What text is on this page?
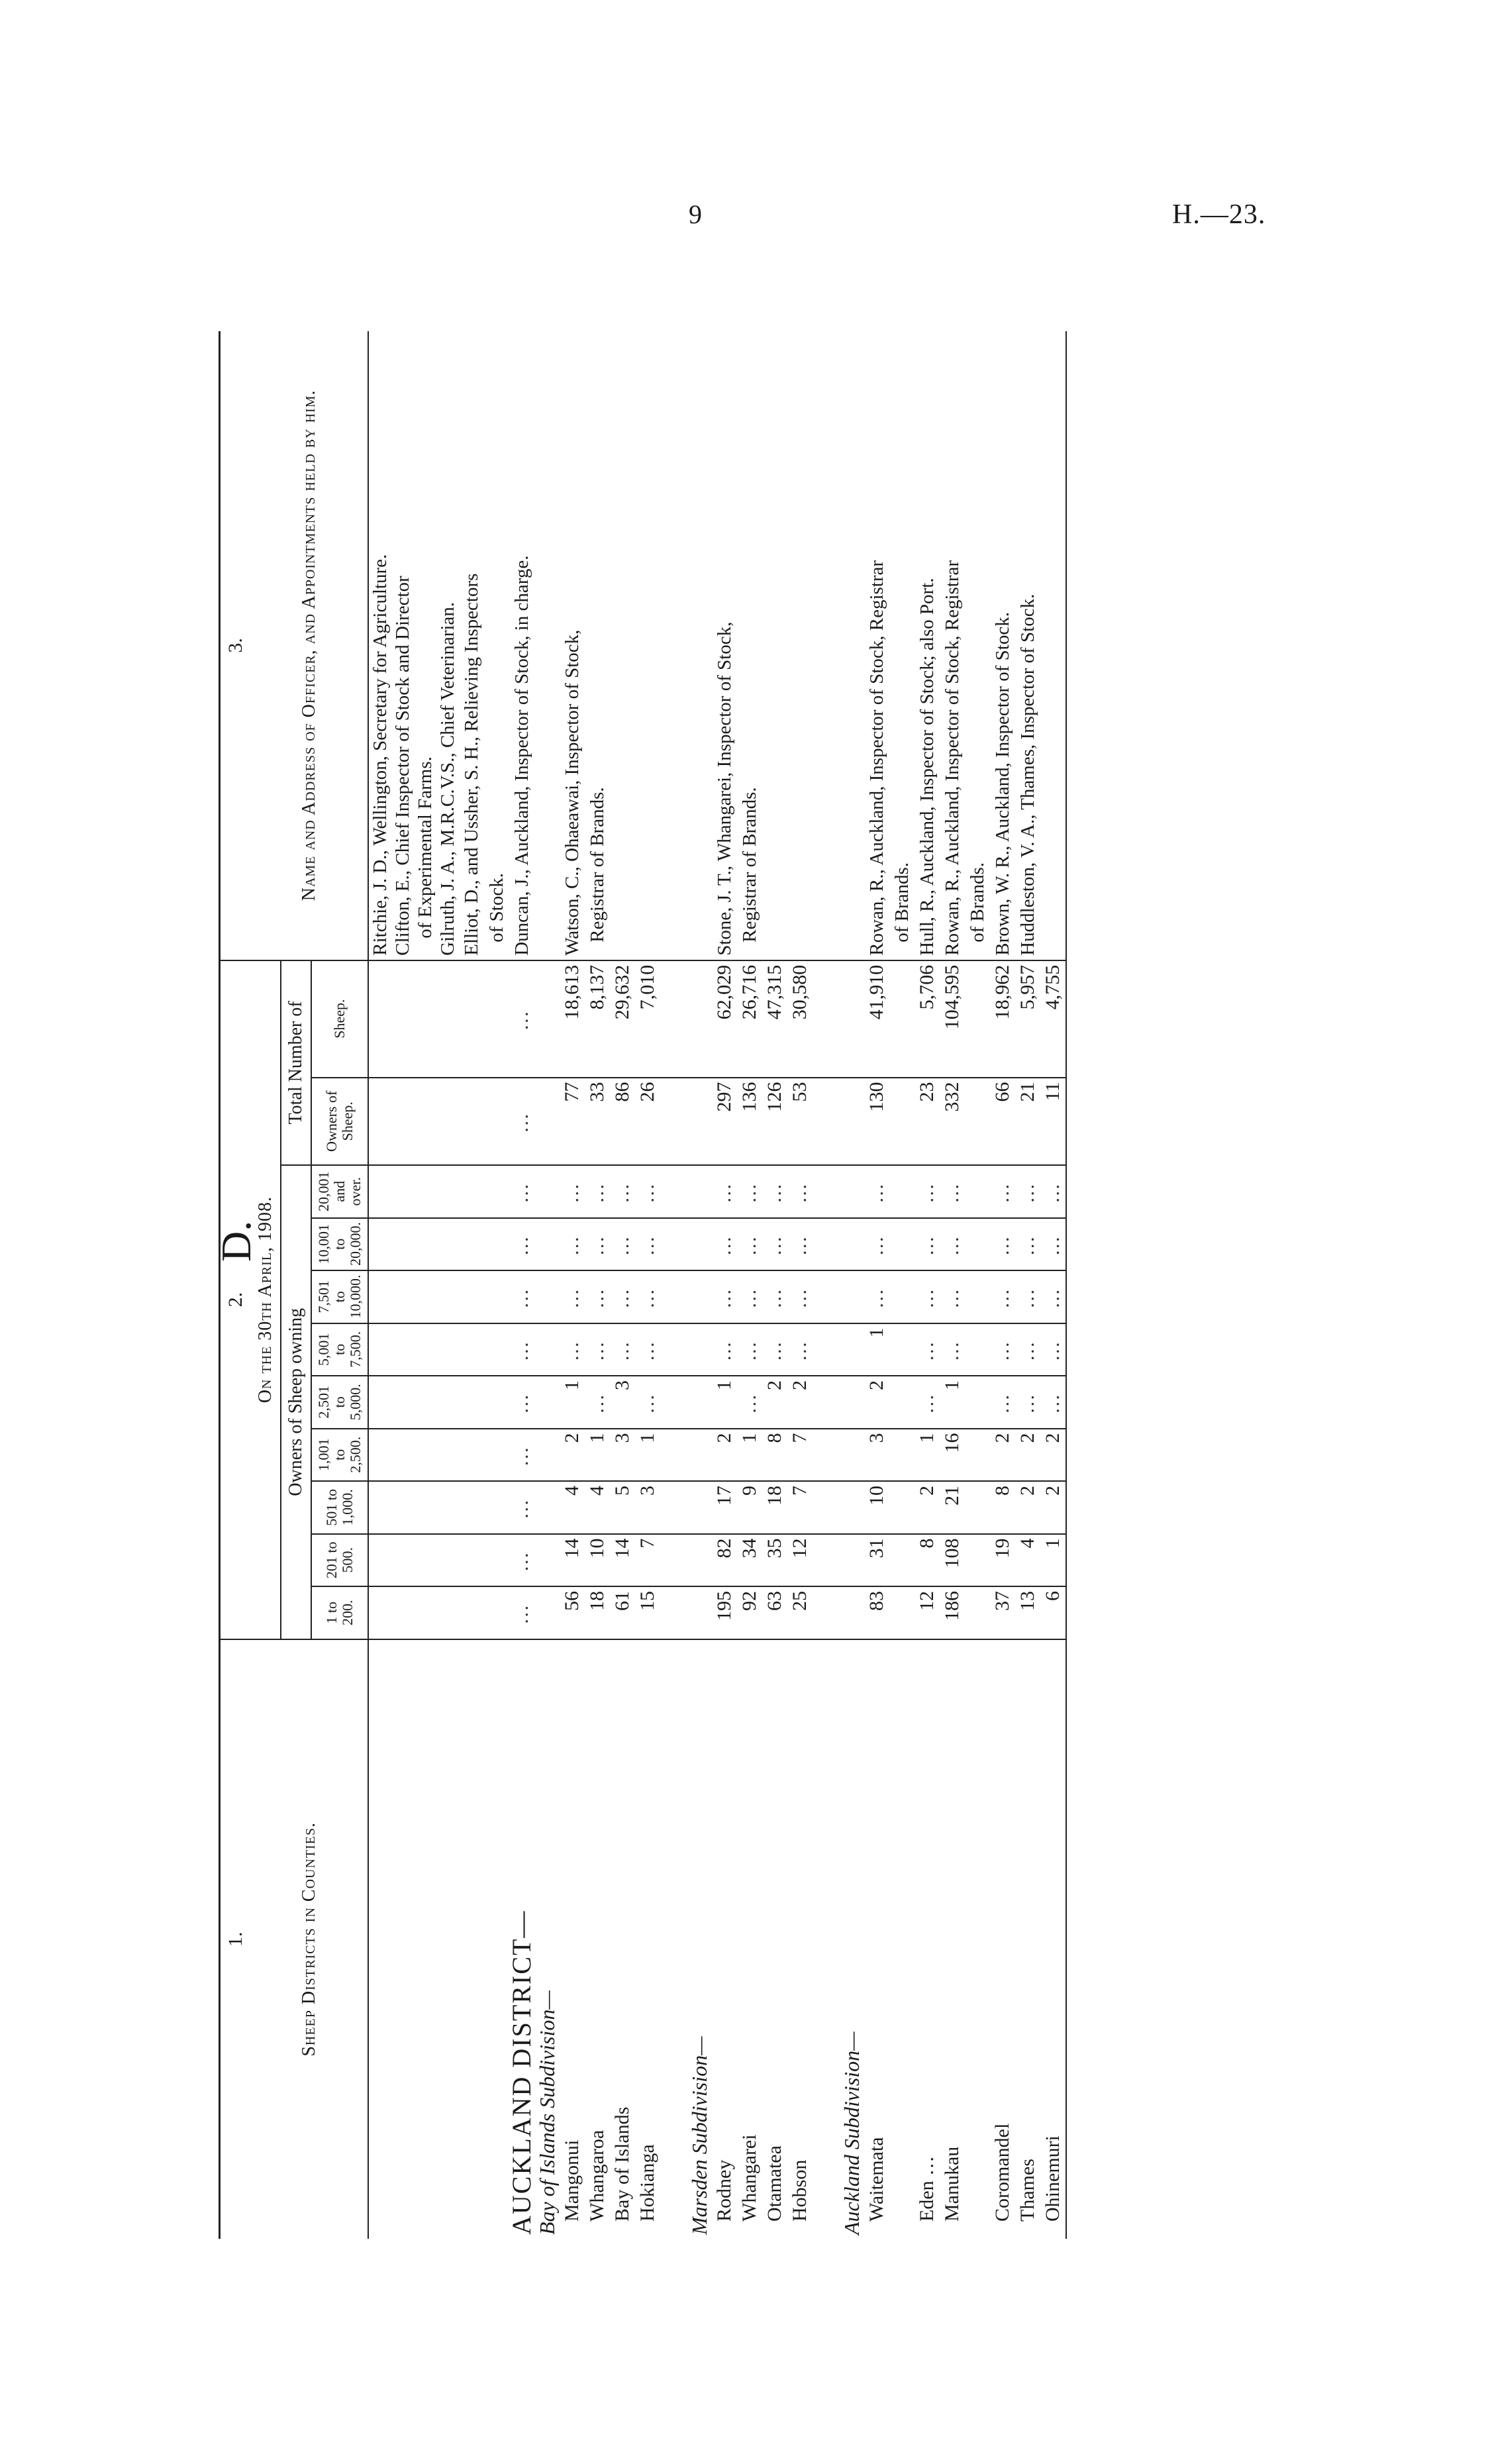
9	H.—23.
D.
1.	2.											3.
Sheep Districts in Counties.	On the 30th April, 1908.											Name and Address of Officer, and Appointments held by him.
	Owners of Sheep owning									Total Number of		
	1 to 200.	201 to 500.	501 to 1,000.	1,001 to 2,500.	2,501 to 5,000.	5,001 to 7,500.	7,501 to 10,000.	10,001 to 20,000.	20,001 and over.	Owners of Sheep.	Sheep.	

												Ritchie, J. D., Wellington, Secretary for Agriculture. Clifton, E., Chief Inspector of Stock and Director of Experimental Farms. Gilruth, J. A., M.R.C.V.S., Chief Veterinarian.

												Elliot, D., and Ussher, S. H., Relieving Inspectors
												of Stock.
AUCKLAND DISTRICT—	…	…	…	…	…	…	…	…	…	…	…	Duncan, J., Auckland, Inspector of Stock, in charge.
Bay of Islands Subdivision—												
Mangonui	56	14	4	2	1	…	…	…	…	77	18,613	Watson, C., Ohaeawai, Inspector of Stock,
Whangaroa	18	10	4	1	…	…	…	…	…	33	8,137	Registrar of Brands.
Bay of Islands	61	14	5	3	3	…	…	…	…	86	29,632	
Hokianga	15	7	3	1	…	…	…	…	…	26	7,010	

Marsden Subdivision—												
Rodney	195	82	17	2	1	…	…	…	…	297	62,029	Stone, J. T., Whangarei, Inspector of Stock,
Whangarei	92	34	9	1	…	…	…	…	…	136	26,716	Registrar of Brands.
Otamatea	63	35	18	8	2	…	…	…	…	126	47,315	
Hobson	25	12	7	7	2	…	…	…	…	53	30,580	

Auckland Subdivision—												
Waitemata	83	31	10	3	2	1	…	…	…	130	41,910	Rowan, R., Auckland, Inspector of Stock, Registrar
												of Brands.
Eden …	12	8	2	1	…	…	…	…	…	23	5,706	Hull, R., Auckland, Inspector of Stock; also Port.
Manukau	186	108	21	16	1	…	…	…	…	332	104,595	Rowan, R., Auckland, Inspector of Stock, Registrar
												of Brands.
Coromandel	37	19	8	2	…	…	…	…	…	66	18,962	Brown, W. R., Auckland, Inspector of Stock.
Thames	13	4	2	2	…	…	…	…	…	21	5,957	Huddleston, V. A., Thames, Inspector of Stock.
Ohinemuri	6	1	2	2	…	…	…	…	…	11	4,755	
